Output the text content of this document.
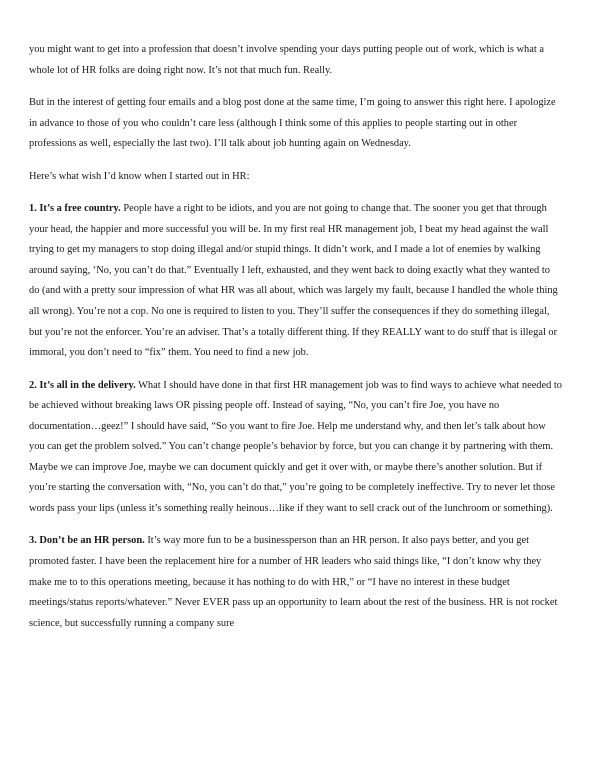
you might want to get into a profession that doesn’t involve spending your days putting people out of work, which is what a whole lot of HR folks are doing right now. It’s not that much fun. Really.

But in the interest of getting four emails and a blog post done at the same time, I’m going to answer this right here. I apologize in advance to those of you who couldn’t care less (although I think some of this applies to people starting out in other professions as well, especially the last two). I’ll talk about job hunting again on Wednesday.

Here’s what wish I’d know when I started out in HR:

1. It’s a free country. People have a right to be idiots, and you are not going to change that. The sooner you get that through your head, the happier and more successful you will be. In my first real HR management job, I beat my head against the wall trying to get my managers to stop doing illegal and/or stupid things. It didn’t work, and I made a lot of enemies by walking around saying, ‘No, you can’t do that.” Eventually I left, exhausted, and they went back to doing exactly what they wanted to do (and with a pretty sour impression of what HR was all about, which was largely my fault, because I handled the whole thing all wrong). You’re not a cop. No one is required to listen to you. They’ll suffer the consequences if they do something illegal, but you’re not the enforcer. You’re an adviser. That’s a totally different thing. If they REALLY want to do stuff that is illegal or immoral, you don’t need to “fix” them. You need to find a new job.

2. It’s all in the delivery. What I should have done in that first HR management job was to find ways to achieve what needed to be achieved without breaking laws OR pissing people off. Instead of saying, “No, you can’t fire Joe, you have no documentation…geez!” I should have said, “So you want to fire Joe. Help me understand why, and then let’s talk about how you can get the problem solved.” You can’t change people’s behavior by force, but you can change it by partnering with them. Maybe we can improve Joe, maybe we can document quickly and get it over with, or maybe there’s another solution. But if you’re starting the conversation with, “No, you can’t do that,” you’re going to be completely ineffective. Try to never let those words pass your lips (unless it’s something really heinous…like if they want to sell crack out of the lunchroom or something).

3. Don’t be an HR person. It’s way more fun to be a businessperson than an HR person. It also pays better, and you get promoted faster. I have been the replacement hire for a number of HR leaders who said things like, “I don’t know why they make me to to this operations meeting, because it has nothing to do with HR,” or “I have no interest in these budget meetings/status reports/whatever.” Never EVER pass up an opportunity to learn about the rest of the business. HR is not rocket science, but successfully running a company sure
